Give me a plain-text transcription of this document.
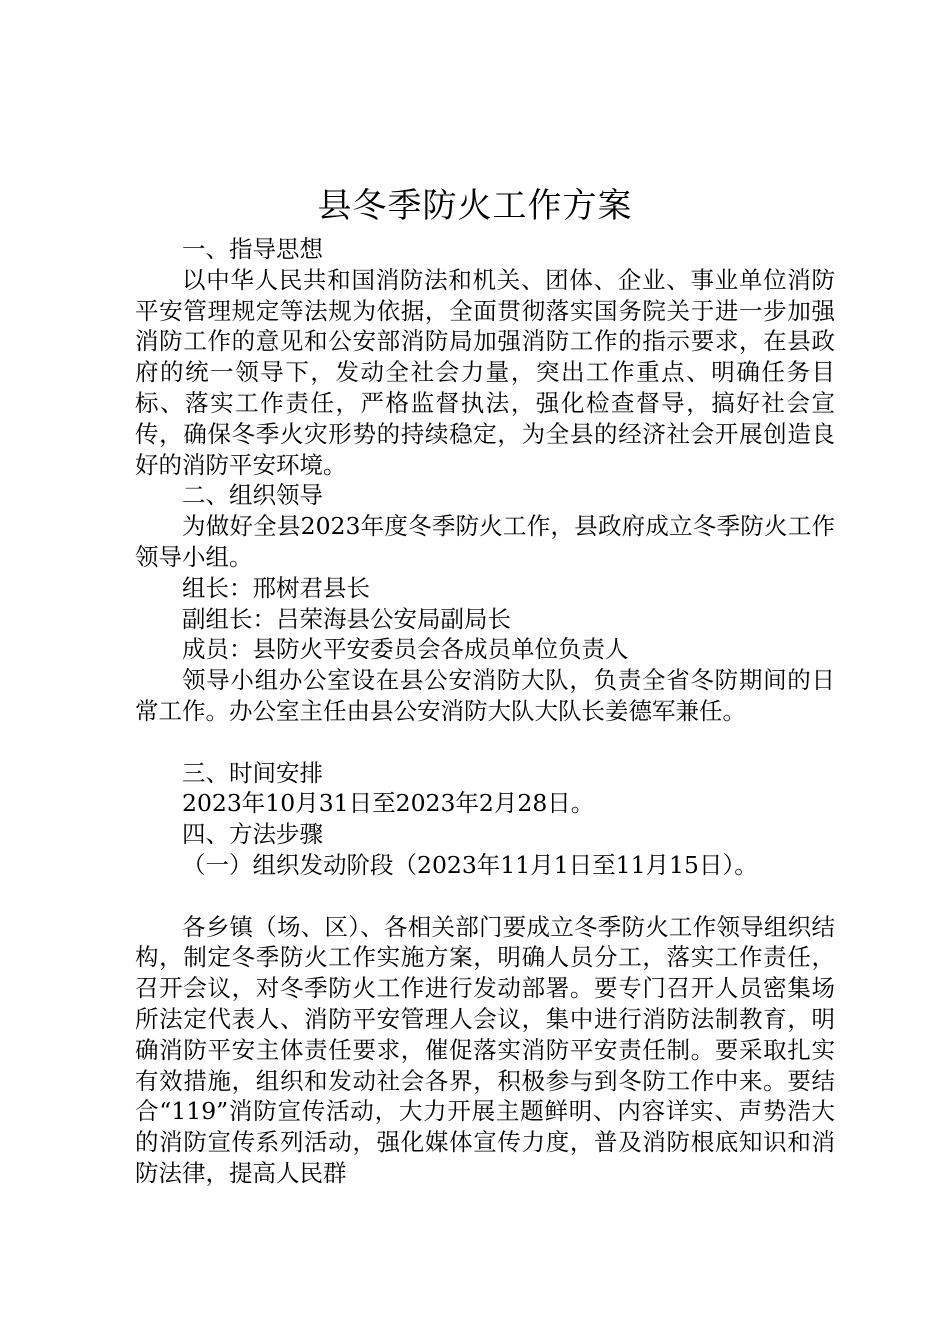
县冬季防火工作方案

一、指导思想

以中华人民共和国消防法和机关、团体、企业、事业单位消防平安管理规定等法规为依据，全面贯彻落实国务院关于进一步加强消防工作的意见和公安部消防局加强消防工作的指示要求，在县政府的统一领导下，发动全社会力量，突出工作重点、明确任务目标、落实工作责任，严格监督执法，强化检查督导，搞好社会宣传，确保冬季火灾形势的持续稳定，为全县的经济社会开展创造良好的消防平安环境。

二、组织领导

为做好全县2023年度冬季防火工作，县政府成立冬季防火工作领导小组。

组长：邢树君县长

副组长：吕荣海县公安局副局长

成员：县防火平安委员会各成员单位负责人

领导小组办公室设在县公安消防大队，负责全省冬防期间的日常工作。办公室主任由县公安消防大队大队长姜德军兼任。

三、时间安排

2023年10月31日至2023年2月28日。

四、方法步骤

（一）组织发动阶段（2023年11月1日至11月15日）。

各乡镇（场、区）、各相关部门要成立冬季防火工作领导组织结构，制定冬季防火工作实施方案，明确人员分工，落实工作责任，召开会议，对冬季防火工作进行发动部署。要专门召开人员密集场所法定代表人、消防平安管理人会议，集中进行消防法制教育，明确消防平安主体责任要求，催促落实消防平安责任制。要采取扎实有效措施，组织和发动社会各界，积极参与到冬防工作中来。要结合“119”消防宣传活动，大力开展主题鲜明、内容详实、声势浩大的消防宣传系列活动，强化媒体宣传力度，普及消防根底知识和消防法律，提高人民群
